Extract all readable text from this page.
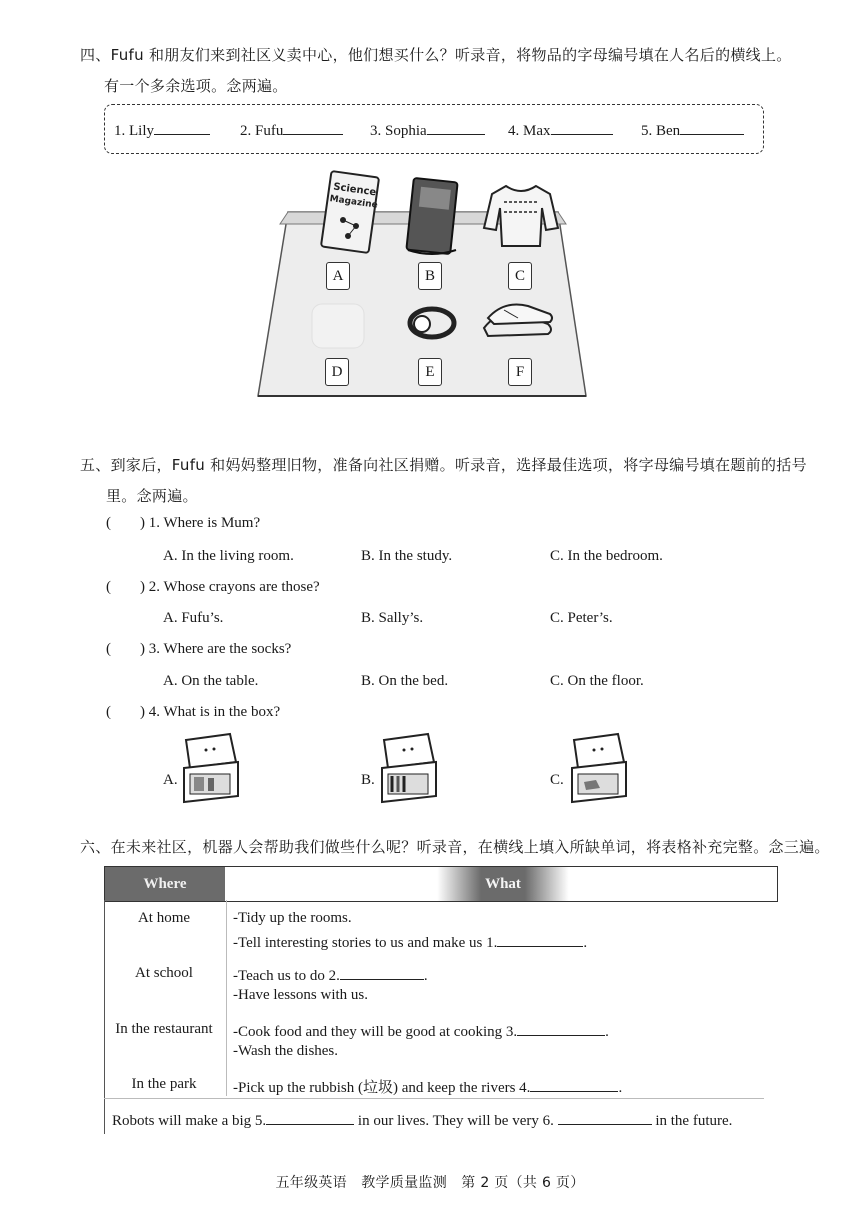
四、Fufu 和朋友们来到社区义卖中心，他们想买什么？听录音，将物品的字母编号填在人名后的横线上。
有一个多余选项。念两遍。
1. Lily	2. Fufu	3. Sophia	4. Max	5. Ben
Science
Magazine
A	B	C
D	E	F
五、到家后，Fufu 和妈妈整理旧物，准备向社区捐赠。听录音，选择最佳选项，将字母编号填在题前的括号
里。念两遍。
( ) 1. Where is Mum?
A. In the living room.	B. In the study.	C. In the bedroom.
( ) 2. Whose crayons are those?
A. Fufu’s.	B. Sally’s.	C. Peter’s.
( ) 3. Where are the socks?
A. On the table.	B. On the bed.	C. On the floor.
( ) 4. What is in the box?
A.	B.	C.
六、在未来社区，机器人会帮助我们做些什么呢？听录音，在横线上填入所缺单词，将表格补充完整。念三遍。
Where	What
At home	-Tidy up the rooms.
-Tell interesting stories to us and make us 1.	.
At school	-Teach us to do 2.	.
-Have lessons with us.
In the restaurant	-Cook food and they will be good at cooking 3.	.
-Wash the dishes.
In the park	-Pick up the rubbish (垃圾) and keep the rivers 4.	.
Robots will make a big 5.	in our lives. They will be very 6.	in the future.
五年级英语   教学质量监测   第 2 页（共 6 页）
